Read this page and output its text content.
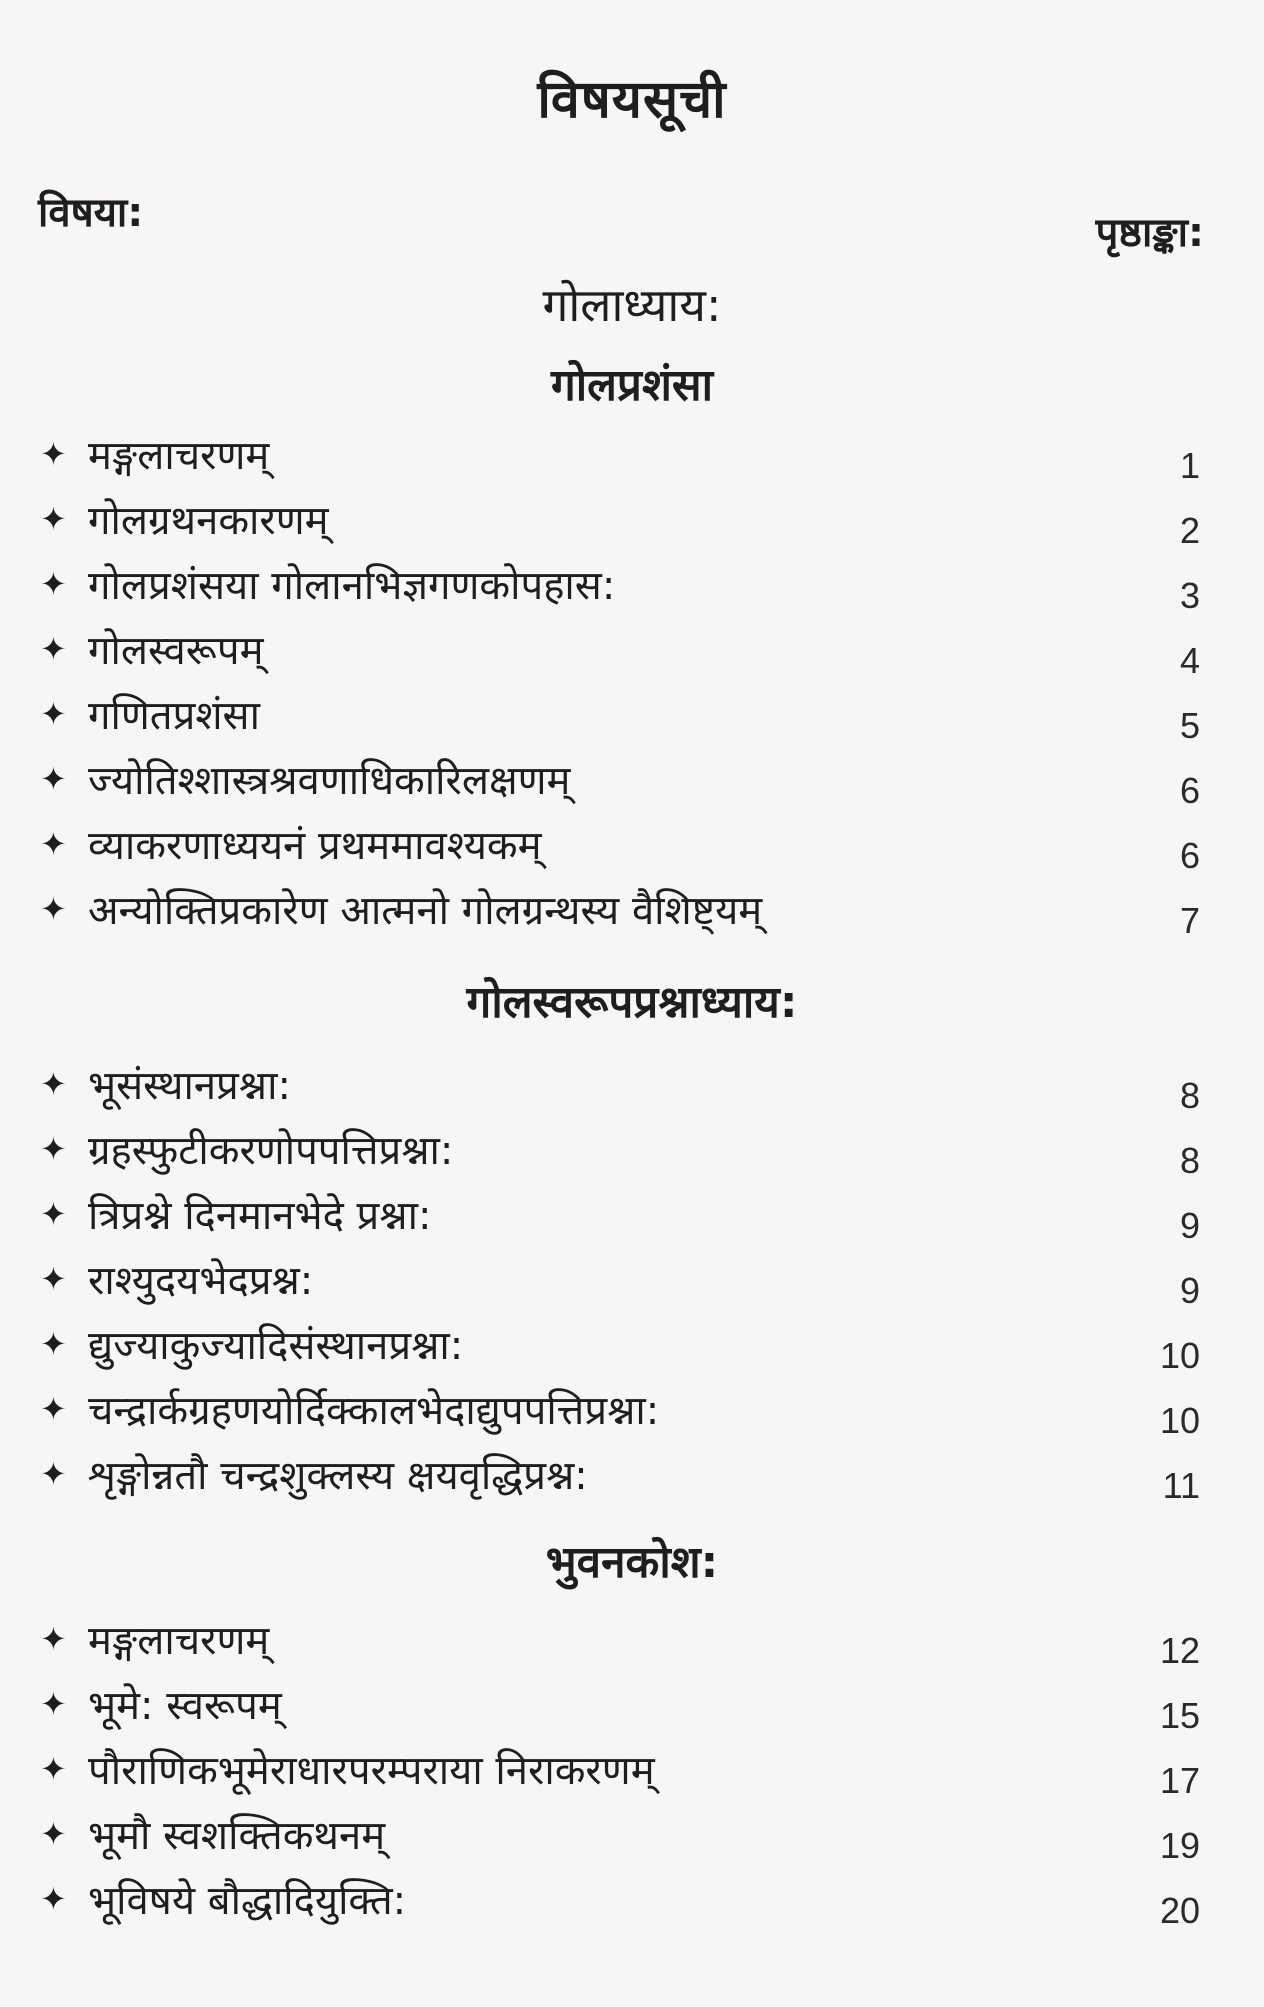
विषयसूची
विषया:	पृष्ठाङ्का:
गोलाध्याय:
गोलप्रशंसा
✦ मङ्गलाचरणम्	1
✦ गोलग्रथनकारणम्	2
✦ गोलप्रशंसया गोलानभिज्ञगणकोपहास:	3
✦ गोलस्वरूपम्	4
✦ गणितप्रशंसा	5
✦ ज्योतिश्शास्त्रश्रवणाधिकारिलक्षणम्	6
✦ व्याकरणाध्ययनं प्रथममावश्यकम्	6
✦ अन्योक्तिप्रकारेण आत्मनो गोलग्रन्थस्य वैशिष्ट्यम्	7
गोलस्वरूपप्रश्नाध्याय:
✦ भूसंस्थानप्रश्ना:	8
✦ ग्रहस्फुटीकरणोपपत्तिप्रश्ना:	8
✦ त्रिप्रश्ने दिनमानभेदे प्रश्ना:	9
✦ राश्युदयभेदप्रश्न:	9
✦ द्युज्याकुज्यादिसंस्थानप्रश्ना:	10
✦ चन्द्रार्कग्रहणयोर्दिक्कालभेदाद्युपपत्तिप्रश्ना:	10
✦ शृङ्गोन्नतौ चन्द्रशुक्लस्य क्षयवृद्धिप्रश्न:	11
भुवनकोश:
✦ मङ्गलाचरणम्	12
✦ भूमे: स्वरूपम्	15
✦ पौराणिकभूमेराधारपरम्पराया निराकरणम्	17
✦ भूमौ स्वशक्तिकथनम्	19
✦ भूविषये बौद्धादियुक्ति:	20
